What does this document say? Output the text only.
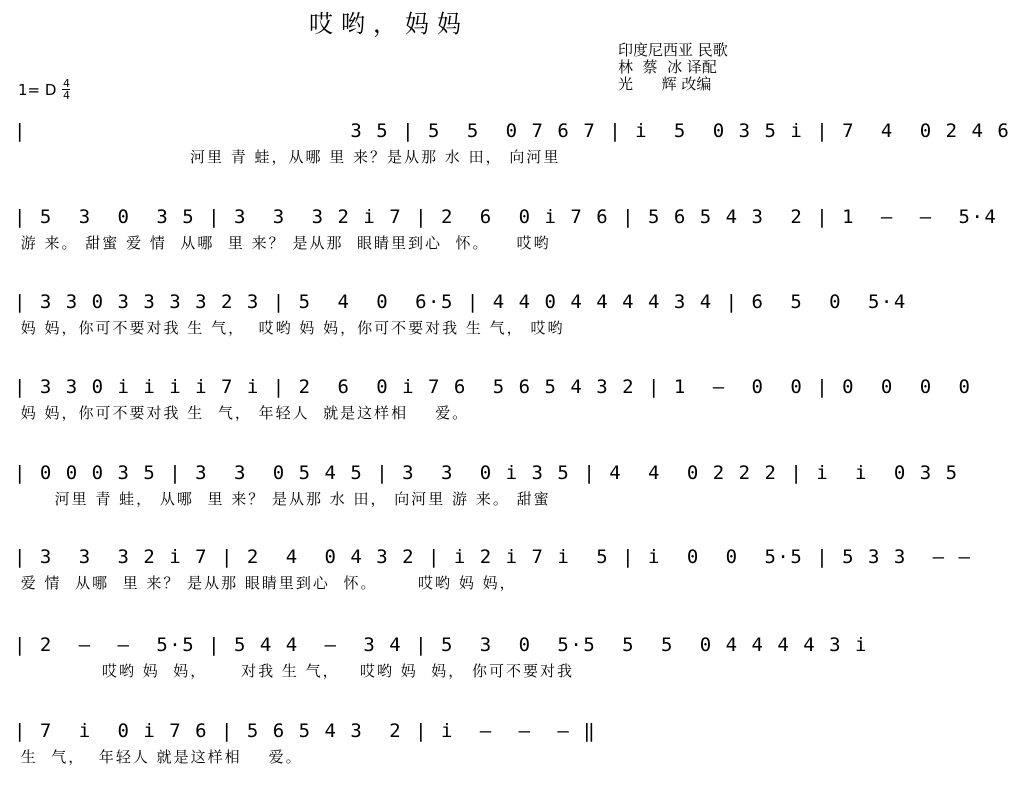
哎哟，妈妈
印度尼西亚 民歌
林  蔡  冰 译配
光      辉 改编
1= D 4
4
|                         3 5 | 5  5  0 7 6 7 | i  5  0 3 5 i | 7  4  0 2 4 6
河里 青 蛙，从哪 里 来？是从那 水 田， 向河里
| 5  3  0  3 5 | 3  3  3 2 i 7 | 2  6  0 i 7 6 | 5 6 5 4 3  2 | 1  —  —  5·4
游 来。 甜蜜 爱 情  从哪  里 来？ 是从那  眼睛里到心  怀。    哎哟
| 3 3 0 3 3 3 3 2 3 | 5  4  0  6·5 | 4 4 0 4 4 4 4 3 4 | 6  5  0  5·4
妈 妈，你可不要对我 生 气，  哎哟 妈 妈，你可不要对我 生 气， 哎哟
| 3 3 0 i i i i 7 i | 2  6  0 i 7 6  5 6 5 4 3 2 | 1  —  0  0 | 0  0  0  0
妈 妈，你可不要对我 生  气， 年轻人  就是这样相    爱。
| 0 0 0 3 5 | 3  3  0 5 4 5 | 3  3  0 i 3 5 | 4  4  0 2 2 2 | i  i  0 3 5
河里 青 蛙， 从哪  里 来？ 是从那 水 田， 向河里 游 来。 甜蜜
| 3  3  3 2 i 7 | 2  4  0 4 3 2 | i 2 i 7 i  5 | i  0  0  5·5 | 5 3 3  — —
爱 情  从哪  里 来？ 是从那 眼睛里到心  怀。      哎哟 妈 妈，
| 2  —  —  5·5 | 5 4 4  —  3 4 | 5  3  0  5·5  5  5  0 4 4 4 4 3 i
哎哟 妈  妈，     对我 生 气，   哎哟 妈  妈， 你可不要对我
| 7  i  0 i 7 6 | 5 6 5 4 3  2 | i  —  —  — ‖
生  气，  年轻人 就是这样相    爱。
